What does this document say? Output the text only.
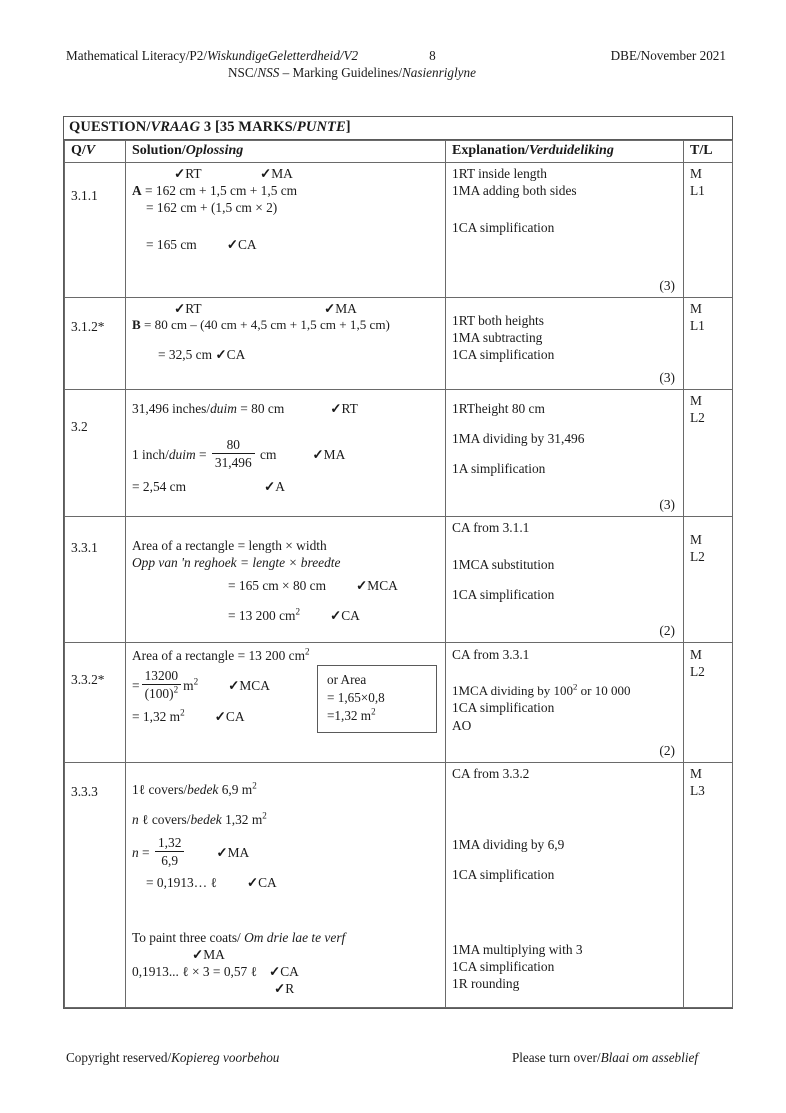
Mathematical Literacy/P2/WiskundigeGeletterdheid/V2	8	DBE/November 2021
NSC/NSS – Marking Guidelines/Nasienriglyne
QUESTION/VRAAG 3 [35 MARKS/PUNTE]
Q/V	Solution/Oplossing	Explanation/Verduideliking	T/L

3.1.1

✓ RT ✓	MA
A = 162 cm + 1,5 cm + 1,5 cm
= 162 cm + (1,5 cm × 2)
= 165 cm ✓	CA

1RT inside length
1MA adding both sides
1CA simplification
(3)

M
L1

3.1.2*

✓ RT ✓	MA
B = 80 cm – (40 cm + 4,5 cm + 1,5 cm + 1,5 cm)
= 32,5 cm ✓ CA

1RT both heights
1MA subtracting
1CA simplification
(3)

M
L1

3.2

31,496 inches/duim = 80 cm ✓	RT
1 inch/duim = $\frac{80}{31,496}$ cm ✓	MA
= 2,54 cm ✓	A

1RTheight 80 cm
1MA dividing by 31,496
1A simplification
(3)

M
L2

3.3.1	Area of a rectangle = length × width
Opp van 'n reghoek = lengte × breedte
= 165 cm × 80 cm ✓	MCA
= 13 200 $cm^2$ ✓	CA

CA from 3.1.1
1MCA substitution
1CA simplification
(2)

M
L2

3.3.2*

Area of a rectangle = 13 200 $cm^2$
= $\frac{13200}{(100)^2} m^2$ ✓	MCA
= 1,32 $m^2$ ✓	CA
or Area
= 1,65×0,8
=1,32 $m^2$

CA from 3.3.1
1MCA dividing by $100^2$ or 10 000
1CA simplification
AO
(2)

M
L2

3.3.3	1ℓ covers/bedek 6,9 $m^2$
n ℓ covers/bedek 1,32 $m^2$
$n = \frac{1,32}{6,9}$ ✓	MA
= 0,1913… ℓ ✓	CA
To paint three coats/ Om drie lae te verf
✓ MA
0,1913... ℓ × 3 = 0,57 ℓ ✓ CA
✓ R

CA from 3.3.2
1MA dividing by 6,9
1CA simplification
1MA multiplying with 3
1CA simplification
1R rounding

M
L3
Copyright reserved/Kopiereg voorbehou	Please turn over/Blaai om asseblief
